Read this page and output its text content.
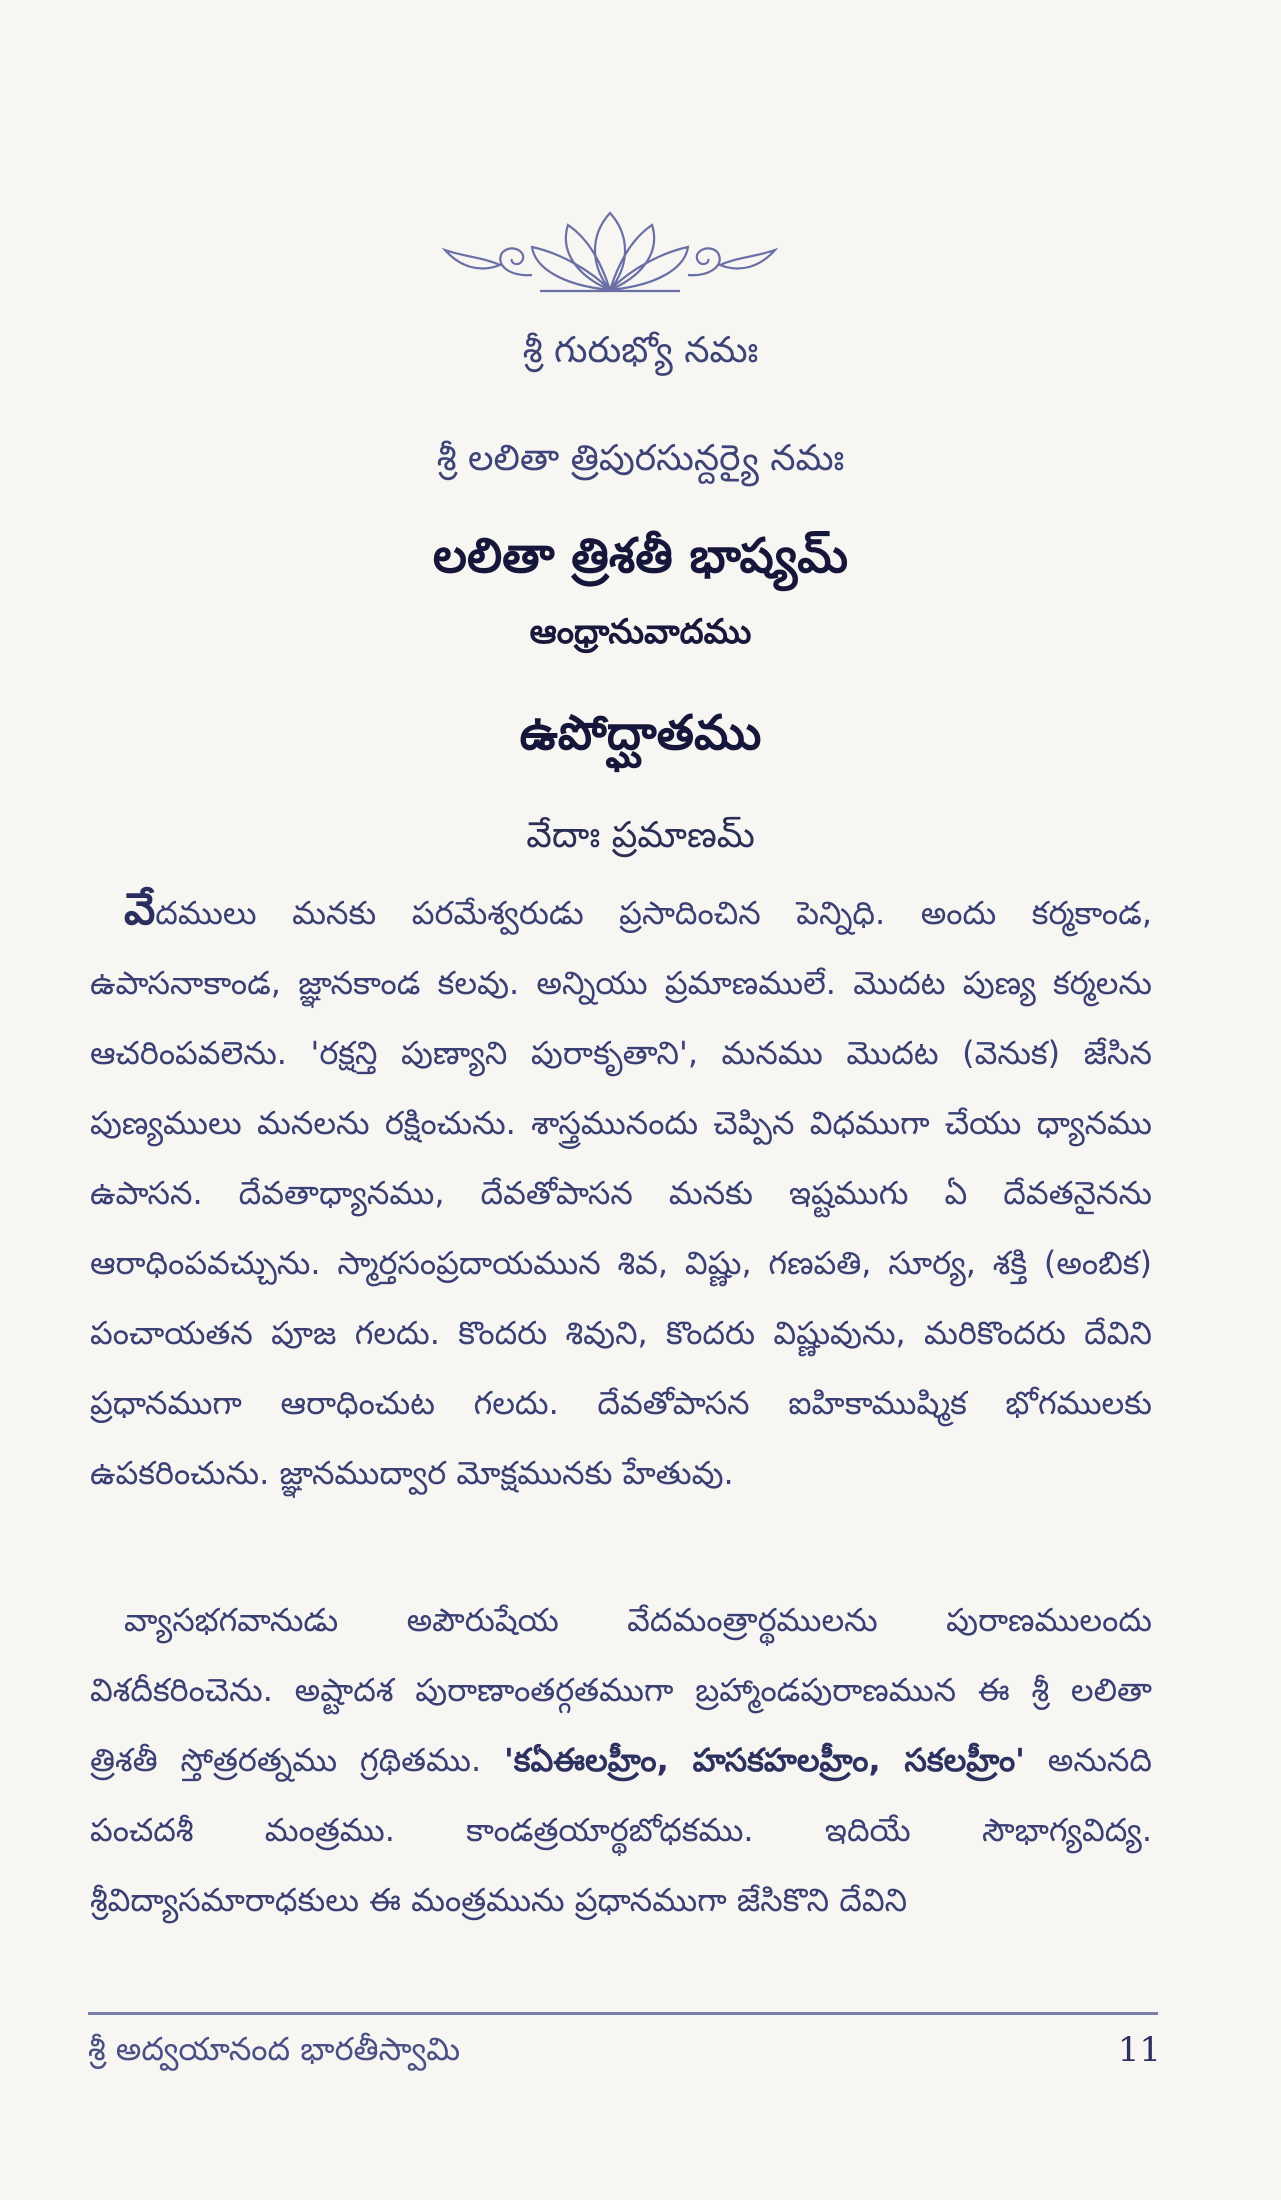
శ్రీ గురుభ్యో నమః
శ్రీ లలితా త్రిపురసున్దర్యై నమః
లలితా త్రిశతీ భాష్యమ్
ఆంధ్రానువాదము
ఉపోద్ఘాతము
వేదాః ప్రమాణమ్
వేదములు మనకు పరమేశ్వరుడు ప్రసాదించిన పెన్నిధి. అందు కర్మకాండ, ఉపాసనాకాండ, జ్ఞానకాండ కలవు. అన్నియు ప్రమాణములే. మొదట పుణ్య కర్మలను ఆచరింపవలెను. 'రక్షన్తి పుణ్యాని పురాకృతాని', మనము మొదట (వెనుక) జేసిన పుణ్యములు మనలను రక్షించును. శాస్త్రమునందు చెప్పిన విధముగా చేయు ధ్యానము ఉపాసన. దేవతాధ్యానము, దేవతోపాసన మనకు ఇష్టముగు ఏ దేవతనైనను ఆరాధింపవచ్చును. స్మార్తసంప్రదాయమున శివ, విష్ణు, గణపతి, సూర్య, శక్తి (అంబిక) పంచాయతన పూజ గలదు. కొందరు శివుని, కొందరు విష్ణువును, మరికొందరు దేవిని ప్రధానముగా ఆరాధించుట గలదు. దేవతోపాసన ఐహికాముష్మిక భోగములకు ఉపకరించును. జ్ఞానముద్వార మోక్షమునకు హేతువు.
వ్యాసభగవానుడు అపౌరుషేయ వేదమంత్రార్థములను పురాణములందు విశదీకరించెను. అష్టాదశ పురాణాంతర్గతముగా బ్రహ్మాండపురాణమున ఈ శ్రీ లలితా త్రిశతీ స్తోత్రరత్నము గ్రథితము. 'కఏఈలహ్రీం, హసకహలహ్రీం, సకలహ్రీం' అనునది పంచదశీ మంత్రము. కాండత్రయార్థబోధకము. ఇదియే సౌభాగ్యవిద్య. శ్రీవిద్యాసమారాధకులు ఈ మంత్రమును ప్రధానముగా జేసికొని దేవిని
శ్రీ అద్వయానంద భారతీస్వామి	11
